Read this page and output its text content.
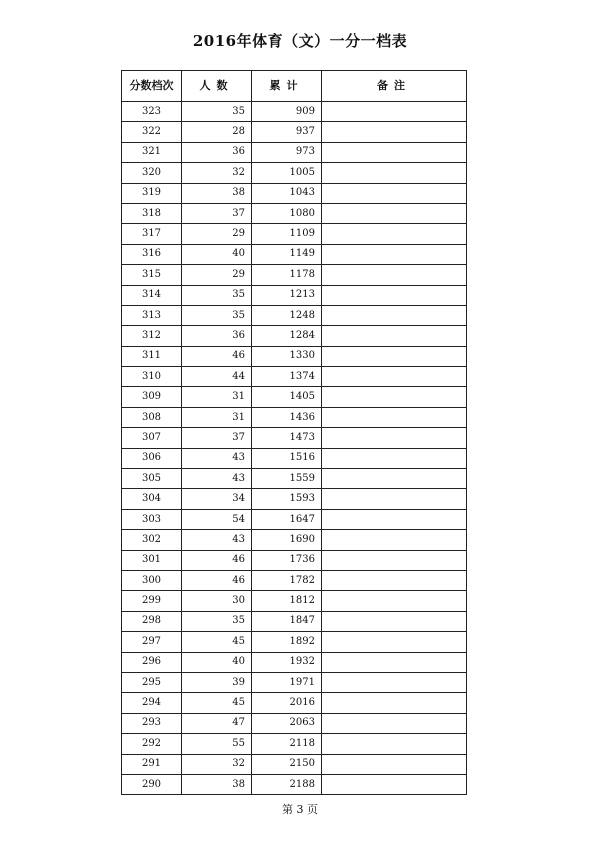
2016年体育（文）一分一档表
分数档次	人数	累计	备注
323	35	909	
322	28	937	
321	36	973	
320	32	1005	
319	38	1043	
318	37	1080	
317	29	1109	
316	40	1149	
315	29	1178	
314	35	1213	
313	35	1248	
312	36	1284	
311	46	1330	
310	44	1374	
309	31	1405	
308	31	1436	
307	37	1473	
306	43	1516	
305	43	1559	
304	34	1593	
303	54	1647	
302	43	1690	
301	46	1736	
300	46	1782	
299	30	1812	
298	35	1847	
297	45	1892	
296	40	1932	
295	39	1971	
294	45	2016	
293	47	2063	
292	55	2118	
291	32	2150	
290	38	2188	
第 3 页
